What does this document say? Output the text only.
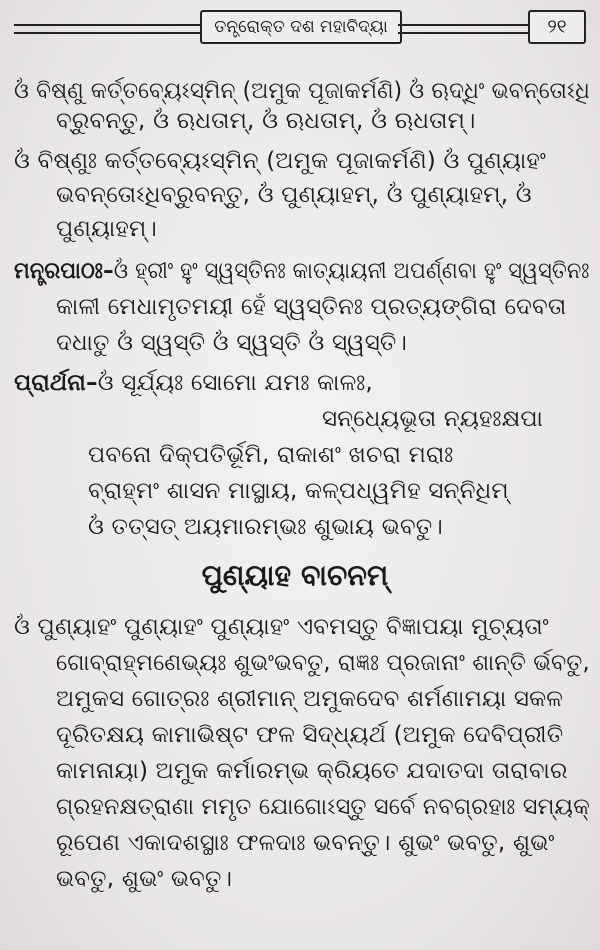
ତନ୍ତ୍ରୋକ୍ତ ଦଶ ମହାବିଦ୍ୟା	୨୧
ଓଁ ବିଷ୍ଣୁ କର୍ତ୍ତବ୍ୟେଽସ୍ମିନ୍ (ଅମୁକ ପୂଜାକର୍ମଣି) ଓଁ ଋଦ୍ଧିଂ ଭବନ୍ତୋଽଧି
ବ୍ରୁବନ୍ତୁ, ଓଁ ଋଧତାମ୍, ଓଁ ଋଧତାମ୍, ଓଁ ଋଧତାମ୍।
ଓଁ ବିଷ୍ଣୁଃ କର୍ତ୍ତବ୍ୟେଽସ୍ମିନ୍ (ଅମୁକ ପୂଜାକର୍ମଣି) ଓଁ ପୁଣ୍ୟାହଂ
ଭବନ୍ତୋଽଧିବ୍ରୁବନ୍ତୁ, ଓଁ ପୁଣ୍ୟାହମ୍, ଓଁ ପୁଣ୍ୟାହମ୍, ଓଁ
ପୁଣ୍ୟାହମ୍।
ମନ୍ତ୍ରପାଠଃ–ଓଁ ହ୍ରୀଂ ହୁଂ ସ୍ୱସ୍ତିନଃ କାତ୍ୟାୟନୀ ଅପର୍ଣ୍ଣବା ହୁଂ ସ୍ୱସ୍ତିନଃ
କାଳୀ ମେଧାମୃତମୟୀ ହେଁ ସ୍ୱସ୍ତିନଃ ପ୍ରତ୍ୟଙ୍ଗିରା ଦେବତା
ଦଧାତୁ ଓଁ ସ୍ୱସ୍ତି ଓଁ ସ୍ୱସ୍ତି ଓଁ ସ୍ୱସ୍ତି।
ପ୍ରାର୍ଥନା–ଓଁ ସୂର୍ଯ୍ୟଃ ସୋମୋ ଯମଃ କାଳଃ,
ସନ୍ଧ୍ୟେଭୂତା ନ୍ୟହଃକ୍ଷପା
ପବନୋ ଦିକ୍‌ପତିର୍ଭୂମି, ରାକାଶଂ ଖଚରା ମରାଃ
ବ୍ରାହ୍ମଂ ଶାସନ ମାସ୍ଥାୟ, କଳ୍ପଧ୍ୱମିହ ସନ୍ନିଧିମ୍
ଓଁ ତତ୍‌ସତ୍ ଅୟମାରମ୍ଭଃ ଶୁଭାୟ ଭବତୁ।
ପୁଣ୍ୟାହ ବାଚନମ୍
ଓଁ ପୁଣ୍ୟାହଂ ପୁଣ୍ୟାହଂ ପୁଣ୍ୟାହଂ ଏବମସ୍ତୁ ବିଜ୍ଞାପୟା ମୁଚ୍ୟତାଂ
ଗୋବ୍ରାହ୍ମଣେଭ୍ୟଃ ଶୁଭଂଭବତୁ, ରାଜ୍ଞଃ ପ୍ରଜାନାଂ ଶାନ୍ତି ର୍ଭବତୁ,
ଅମୁକସ ଗୋତ୍ରଃ ଶ୍ରୀମାନ୍ ଅମୁକଦେବ ଶର୍ମଣାମୟା ସକଳ
ଦୂରିତକ୍ଷୟ କାମାଭିଷ୍ଟ ଫଳ ସିଦ୍ଧ୍ୟର୍ଥ (ଅମୁକ ଦେବିପ୍ରୀତି
କାମନାୟା) ଅମୁକ କର୍ମାରମ୍ଭ କ୍ରିୟତେ ଯଦାତଦା ତାରାବାର
ଗ୍ରହନକ୍ଷତ୍ରାଣା ମମୃତ ଯୋଗୋଽସ୍ତୁ ସର୍ବେ ନବଗ୍ରହାଃ ସମ୍ୟକ୍
ରୂପେଣ ଏକାଦଶସ୍ଥାଃ ଫଳଦାଃ ଭବନ୍ତୁ। ଶୁଭଂ ଭବତୁ, ଶୁଭଂ
ଭବତୁ, ଶୁଭଂ ଭବତୁ।
